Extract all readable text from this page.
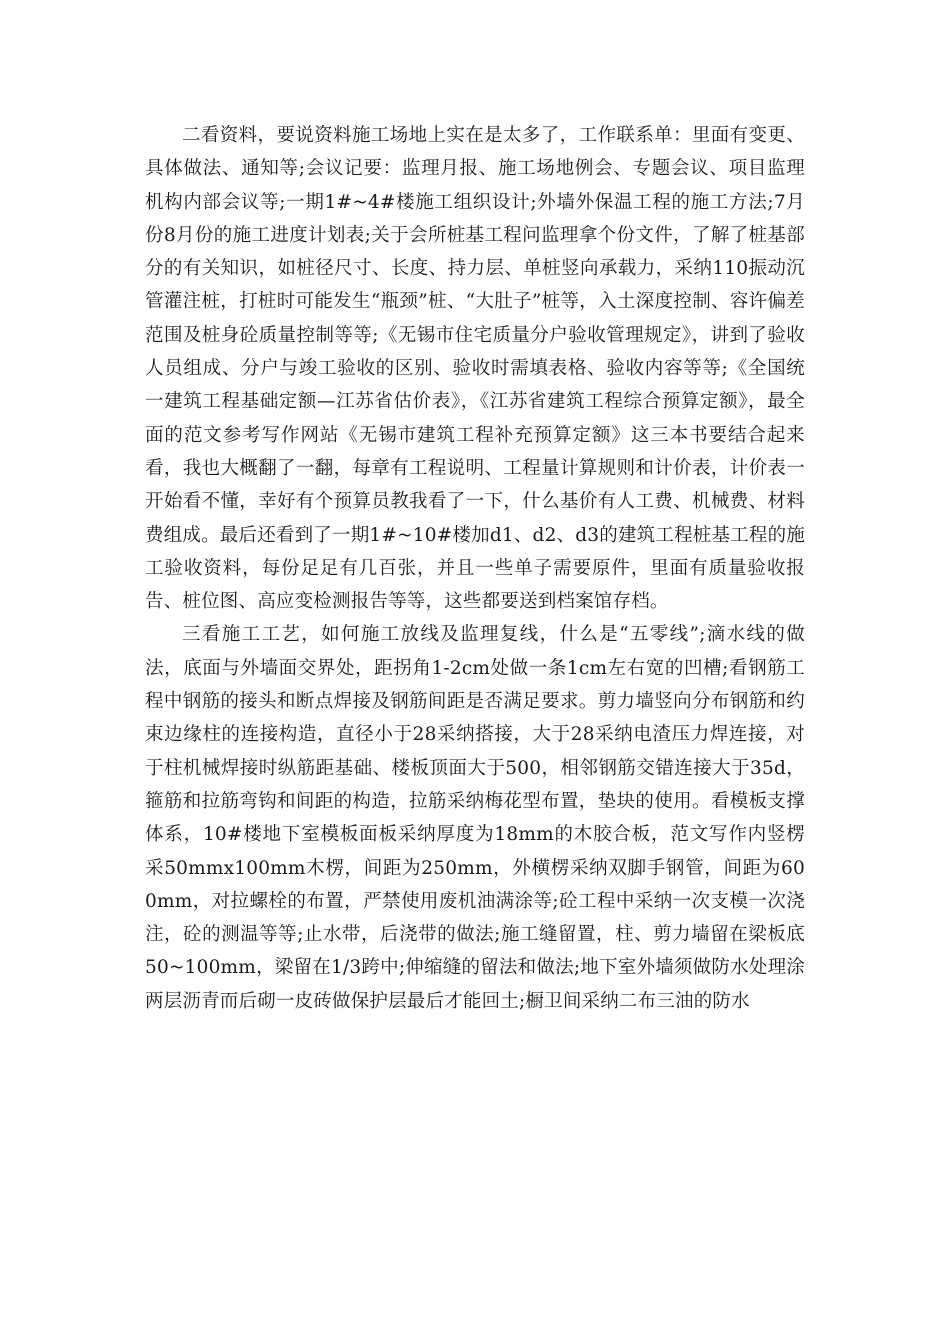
二看资料，要说资料施工场地上实在是太多了，工作联系单：里面有变更、具体做法、通知等;会议记要：监理月报、施工场地例会、专题会议、项目监理机构内部会议等;一期1#~4#楼施工组织设计;外墙外保温工程的施工方法;7月份8月份的施工进度计划表;关于会所桩基工程问监理拿个份文件，了解了桩基部分的有关知识，如桩径尺寸、长度、持力层、单桩竖向承载力，采纳110振动沉管灌注桩，打桩时可能发生“瓶颈”桩、“大肚子”桩等，入土深度控制、容许偏差范围及桩身砼质量控制等等;《无锡市住宅质量分户验收管理规定》，讲到了验收人员组成、分户与竣工验收的区别、验收时需填表格、验收内容等等;《全国统一建筑工程基础定额—江苏省估价表》，《江苏省建筑工程综合预算定额》，最全面的范文参考写作网站《无锡市建筑工程补充预算定额》这三本书要结合起来看，我也大概翻了一翻，每章有工程说明、工程量计算规则和计价表，计价表一开始看不懂，幸好有个预算员教我看了一下，什么基价有人工费、机械费、材料费组成。最后还看到了一期1#~10#楼加d1、d2、d3的建筑工程桩基工程的施工验收资料，每份足足有几百张，并且一些单子需要原件，里面有质量验收报告、桩位图、高应变检测报告等等，这些都要送到档案馆存档。

三看施工工艺，如何施工放线及监理复线，什么是“五零线”;滴水线的做法，底面与外墙面交界处，距拐角1-2cm处做一条1cm左右宽的凹槽;看钢筋工程中钢筋的接头和断点焊接及钢筋间距是否满足要求。剪力墙竖向分布钢筋和约束边缘柱的连接构造，直径小于28采纳搭接，大于28采纳电渣压力焊连接，对于柱机械焊接时纵筋距基础、楼板顶面大于500，相邻钢筋交错连接大于35d，箍筋和拉筋弯钩和间距的构造，拉筋采纳梅花型布置，垫块的使用。看模板支撑体系，10#楼地下室模板面板采纳厚度为18mm的木胶合板，范文写作内竖楞采50mmx100mm木楞，间距为250mm，外横楞采纳双脚手钢管，间距为600mm，对拉螺栓的布置，严禁使用废机油满涂等;砼工程中采纳一次支模一次浇注，砼的测温等等;止水带，后浇带的做法;施工缝留置，柱、剪力墙留在梁板底50~100mm，梁留在1/3跨中;伸缩缝的留法和做法;地下室外墙须做防水处理涂两层沥青而后砌一皮砖做保护层最后才能回土;橱卫间采纳二布三油的防水
